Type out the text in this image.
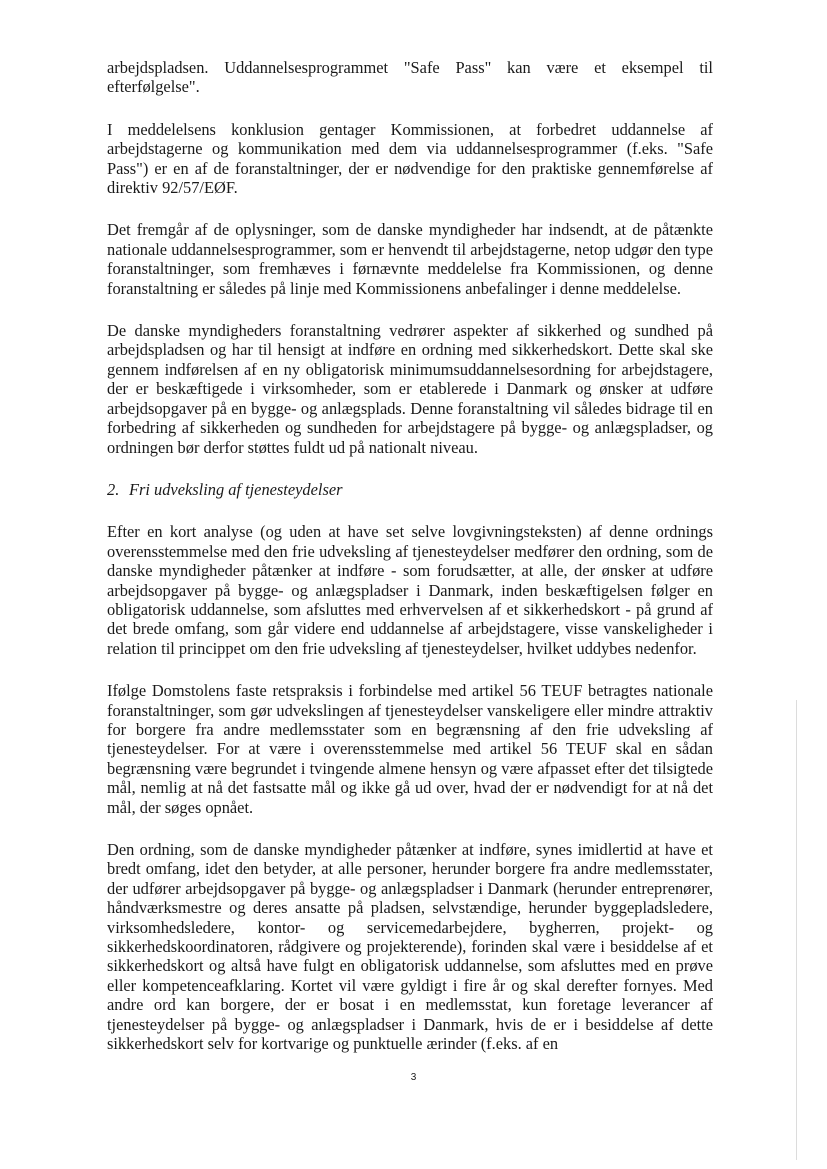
arbejdspladsen. Uddannelsesprogrammet "Safe Pass" kan være et eksempel til efterfølgelse".

I meddelelsens konklusion gentager Kommissionen, at forbedret uddannelse af arbejdstagerne og kommunikation med dem via uddannelsesprogrammer (f.eks. "Safe Pass") er en af de foranstaltninger, der er nødvendige for den praktiske gennemførelse af direktiv 92/57/EØF.

Det fremgår af de oplysninger, som de danske myndigheder har indsendt, at de påtænkte nationale uddannelsesprogrammer, som er henvendt til arbejdstagerne, netop udgør den type foranstaltninger, som fremhæves i førnævnte meddelelse fra Kommissionen, og denne foranstaltning er således på linje med Kommissionens anbefalinger i denne meddelelse.

De danske myndigheders foranstaltning vedrører aspekter af sikkerhed og sundhed på arbejdspladsen og har til hensigt at indføre en ordning med sikkerhedskort. Dette skal ske gennem indførelsen af en ny obligatorisk minimumsuddannelsesordning for arbejdstagere, der er beskæftigede i virksomheder, som er etablerede i Danmark og ønsker at udføre arbejdsopgaver på en bygge- og anlægsplads. Denne foranstaltning vil således bidrage til en forbedring af sikkerheden og sundheden for arbejdstagere på bygge- og anlægspladser, og ordningen bør derfor støttes fuldt ud på nationalt niveau.

2. Fri udveksling af tjenesteydelser

Efter en kort analyse (og uden at have set selve lovgivningsteksten) af denne ordnings overensstemmelse med den frie udveksling af tjenesteydelser medfører den ordning, som de danske myndigheder påtænker at indføre - som forudsætter, at alle, der ønsker at udføre arbejdsopgaver på bygge- og anlægspladser i Danmark, inden beskæftigelsen følger en obligatorisk uddannelse, som afsluttes med erhvervelsen af et sikkerhedskort - på grund af det brede omfang, som går videre end uddannelse af arbejdstagere, visse vanskeligheder i relation til princippet om den frie udveksling af tjenesteydelser, hvilket uddybes nedenfor.

Ifølge Domstolens faste retspraksis i forbindelse med artikel 56 TEUF betragtes nationale foranstaltninger, som gør udvekslingen af tjenesteydelser vanskeligere eller mindre attraktiv for borgere fra andre medlemsstater som en begrænsning af den frie udveksling af tjenesteydelser. For at være i overensstemmelse med artikel 56 TEUF skal en sådan begrænsning være begrundet i tvingende almene hensyn og være afpasset efter det tilsigtede mål, nemlig at nå det fastsatte mål og ikke gå ud over, hvad der er nødvendigt for at nå det mål, der søges opnået.

Den ordning, som de danske myndigheder påtænker at indføre, synes imidlertid at have et bredt omfang, idet den betyder, at alle personer, herunder borgere fra andre medlemsstater, der udfører arbejdsopgaver på bygge- og anlægspladser i Danmark (herunder entreprenører, håndværksmestre og deres ansatte på pladsen, selvstændige, herunder byggepladsledere, virksomhedsledere, kontor- og servicemedarbejdere, bygherren, projekt- og sikkerhedskoordinatoren, rådgivere og projekterende), forinden skal være i besiddelse af et sikkerhedskort og altså have fulgt en obligatorisk uddannelse, som afsluttes med en prøve eller kompetenceafklaring. Kortet vil være gyldigt i fire år og skal derefter fornyes. Med andre ord kan borgere, der er bosat i en medlemsstat, kun foretage leverancer af tjenesteydelser på bygge- og anlægspladser i Danmark, hvis de er i besiddelse af dette sikkerhedskort selv for kortvarige og punktuelle ærinder (f.eks. af en

3
